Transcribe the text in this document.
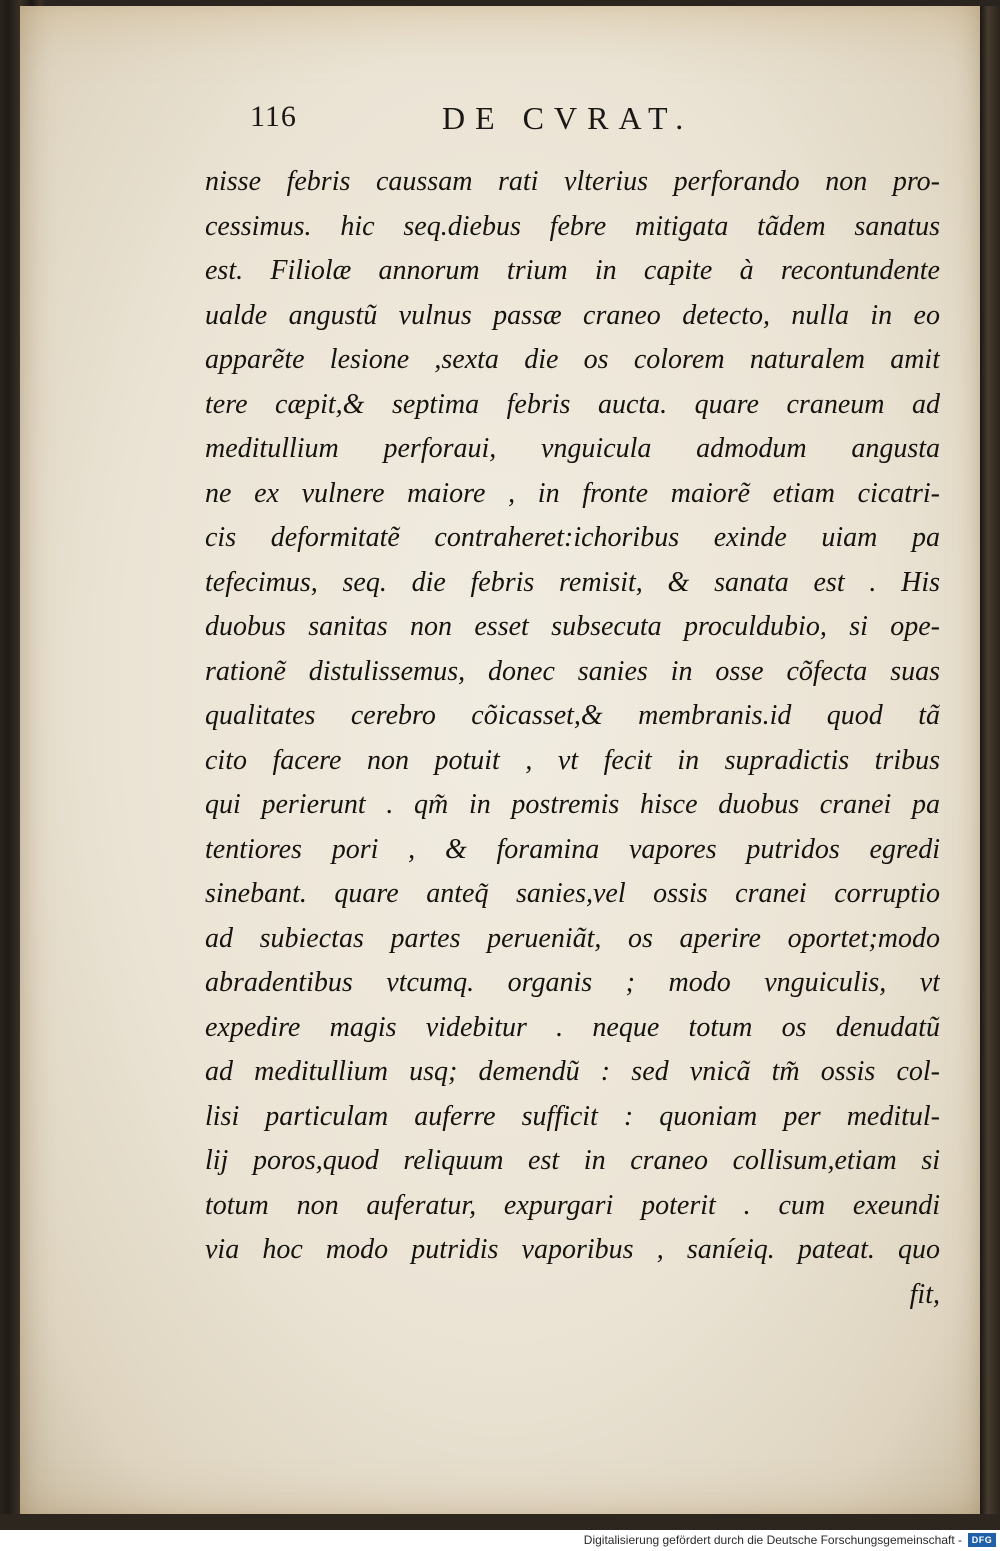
116	DE CVRAT.
nisse febris caussam rati vlterius perforando non pro-
cessimus. hic seq.diebus febre mitigata tãdem sanatus
est. Filiolæ annorum trium in capite à recontundente
ualde angustũ vulnus passæ craneo detecto, nulla in eo
apparẽte lesione ,sexta die os colorem naturalem amit
tere cæpit,& septima febris aucta. quare craneum ad
meditullium perforaui, vnguicula admodum angusta
ne ex vulnere maiore , in fronte maiorẽ etiam cicatri-
cis deformitatẽ contraheret:ichoribus exinde uiam pa
tefecimus, seq. die febris remisit, & sanata est . His
duobus sanitas non esset subsecuta proculdubio, si ope-
rationẽ distulissemus, donec sanies in osse cõfecta suas
qualitates cerebro cõicasset,& membranis.id quod tã
cito facere non potuit , vt fecit in supradictis tribus
qui perierunt . qm̃ in postremis hisce duobus cranei pa
tentiores pori , & foramina vapores putridos egredi
sinebant. quare anteq̃ sanies,vel ossis cranei corruptio
ad subiectas partes perueniãt, os aperire oportet;modo
abradentibus vtcumq. organis ; modo vnguiculis, vt
expedire magis videbitur . neque totum os denudatũ
ad meditullium usq; demendũ : sed vnicã tm̃ ossis col-
lisi particulam auferre sufficit : quoniam per meditul-
lij poros,quod reliquum est in craneo collisum,etiam si
totum non auferatur, expurgari poterit . cum exeundi
via hoc modo putridis vaporibus , saníeiq. pateat. quo
fit,
Digitalisierung gefördert durch die Deutsche Forschungsgemeinschaft -	DFG
